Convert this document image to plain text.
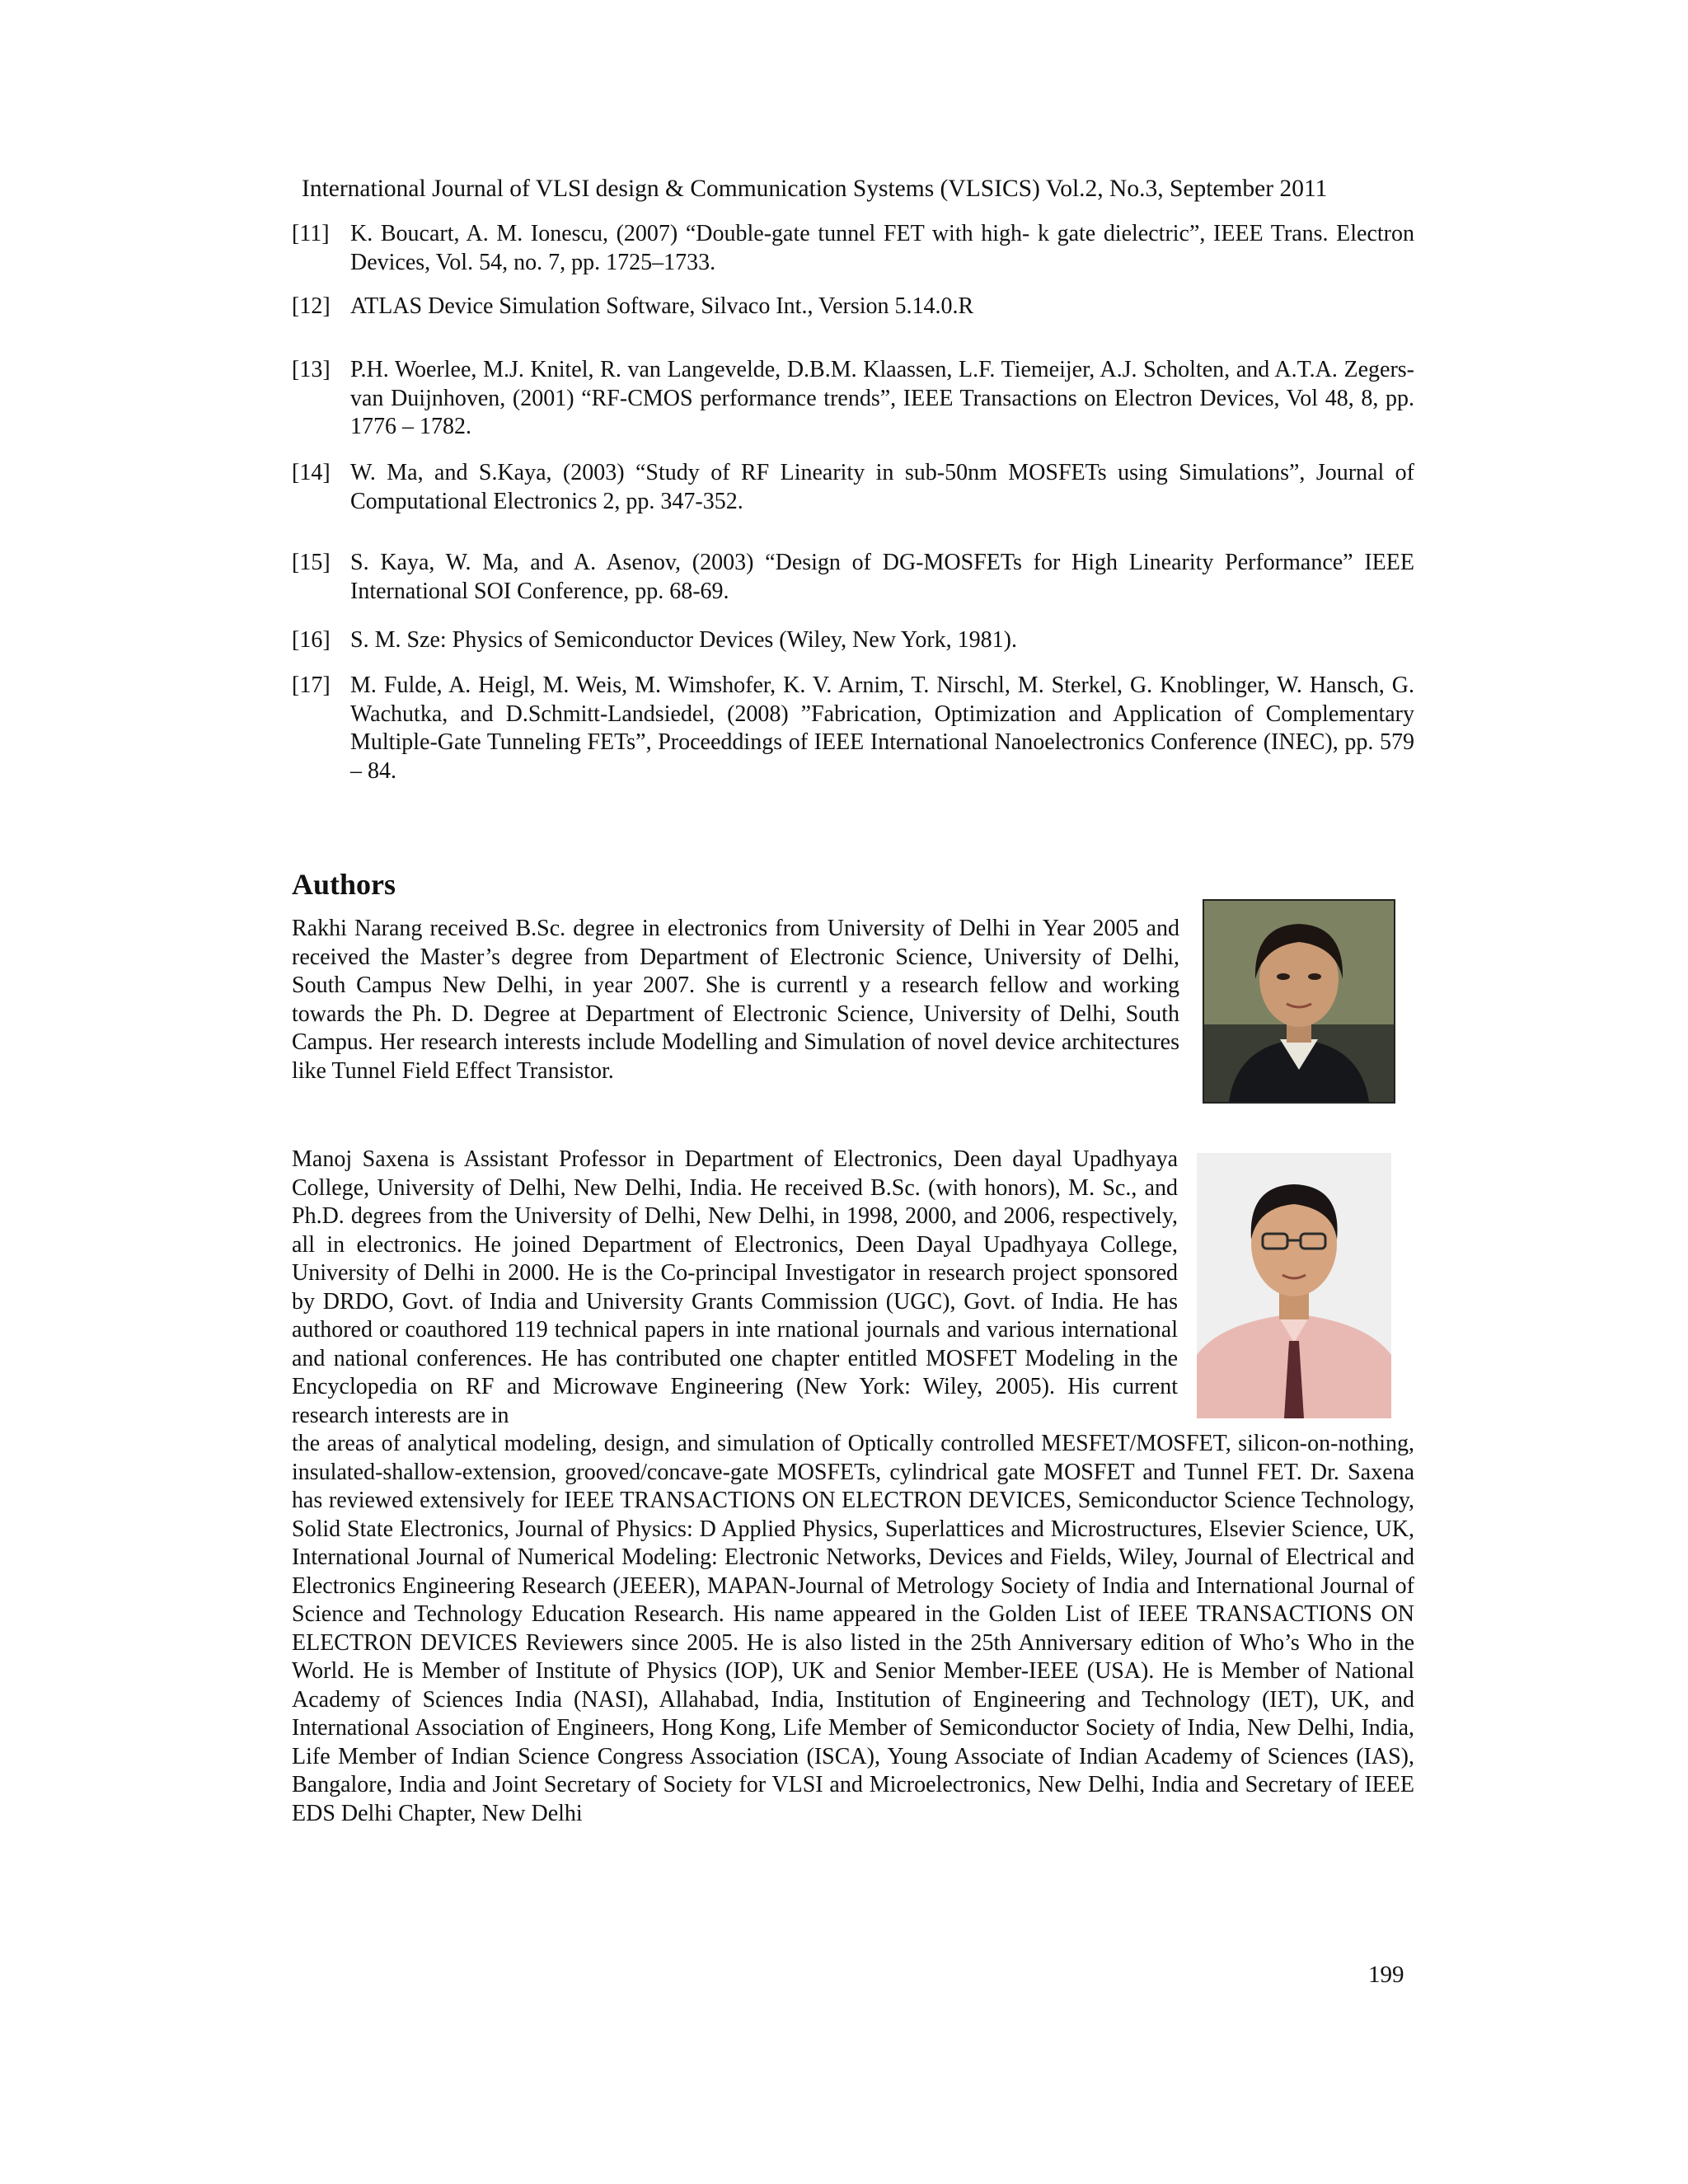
International Journal of VLSI design & Communication Systems (VLSICS) Vol.2, No.3, September 2011
[11] K. Boucart, A. M. Ionescu, (2007) “Double-gate tunnel FET with high- k gate dielectric”, IEEE Trans. Electron Devices, Vol. 54, no. 7, pp. 1725–1733.
[12] ATLAS Device Simulation Software, Silvaco Int., Version 5.14.0.R
[13] P.H. Woerlee, M.J. Knitel, R. van Langevelde, D.B.M. Klaassen, L.F. Tiemeijer, A.J. Scholten, and A.T.A. Zegers-van Duijnhoven, (2001) “RF-CMOS performance trends”, IEEE Transactions on Electron Devices, Vol 48, 8, pp. 1776 – 1782.
[14] W. Ma, and S.Kaya, (2003) “Study of RF Linearity in sub-50nm MOSFETs using Simulations”, Journal of Computational Electronics 2, pp. 347-352.
[15] S. Kaya, W. Ma, and A. Asenov, (2003) “Design of DG-MOSFETs for High Linearity Performance” IEEE International SOI Conference, pp. 68-69.
[16] S. M. Sze: Physics of Semiconductor Devices (Wiley, New York, 1981).
[17] M. Fulde, A. Heigl, M. Weis, M. Wimshofer, K. V. Arnim, T. Nirschl, M. Sterkel, G. Knoblinger, W. Hansch, G. Wachutka, and D.Schmitt-Landsiedel, (2008) ”Fabrication, Optimization and Application of Complementary Multiple-Gate Tunneling FETs”, Proceeddings of IEEE International Nanoelectronics Conference (INEC), pp. 579 – 84.
Authors
Rakhi Narang received B.Sc. degree in electronics from University of Delhi in Year 2005 and received the Master’s degree from Department of Electronic Science, University of Delhi, South Campus New Delhi, in year 2007. She is currentl y a research fellow and working towards the Ph. D. Degree at Department of Electronic Science, University of Delhi, South Campus. Her research interests include Modelling and Simulation of novel device architectures like Tunnel Field Effect Transistor.
Manoj Saxena is Assistant Professor in Department of Electronics, Deen dayal Upadhyaya College, University of Delhi, New Delhi, India. He received B.Sc. (with honors), M. Sc., and Ph.D. degrees from the University of Delhi, New Delhi, in 1998, 2000, and 2006, respectively, all in electronics. He joined Department of Electronics, Deen Dayal Upadhyaya College, University of Delhi in 2000. He is the Co-principal Investigator in research project sponsored by DRDO, Govt. of India and University Grants Commission (UGC), Govt. of India. He has authored or coauthored 119 technical papers in inte rnational journals and various international and national conferences. He has contributed one chapter entitled MOSFET Modeling in the Encyclopedia on RF and Microwave Engineering (New York: Wiley, 2005). His current research interests are in
the areas of analytical modeling, design, and simulation of Optically controlled MESFET/MOSFET, silicon-on-nothing, insulated-shallow-extension, grooved/concave-gate MOSFETs, cylindrical gate MOSFET and Tunnel FET. Dr. Saxena has reviewed extensively for IEEE TRANSACTIONS ON ELECTRON DEVICES, Semiconductor Science Technology, Solid State Electronics, Journal of Physics: D Applied Physics, Superlattices and Microstructures, Elsevier Science, UK, International Journal of Numerical Modeling: Electronic Networks, Devices and Fields, Wiley, Journal of Electrical and Electronics Engineering Research (JEEER), MAPAN-Journal of Metrology Society of India and International Journal of Science and Technology Education Research. His name appeared in the Golden List of IEEE TRANSACTIONS ON ELECTRON DEVICES Reviewers since 2005. He is also listed in the 25th Anniversary edition of Who’s Who in the World. He is Member of Institute of Physics (IOP), UK and Senior Member-IEEE (USA). He is Member of National Academy of Sciences India (NASI), Allahabad, India, Institution of Engineering and Technology (IET), UK, and International Association of Engineers, Hong Kong, Life Member of Semiconductor Society of India, New Delhi, India, Life Member of Indian Science Congress Association (ISCA), Young Associate of Indian Academy of Sciences (IAS), Bangalore, India and Joint Secretary of Society for VLSI and Microelectronics, New Delhi, India and Secretary of IEEE EDS Delhi Chapter, New Delhi
199
